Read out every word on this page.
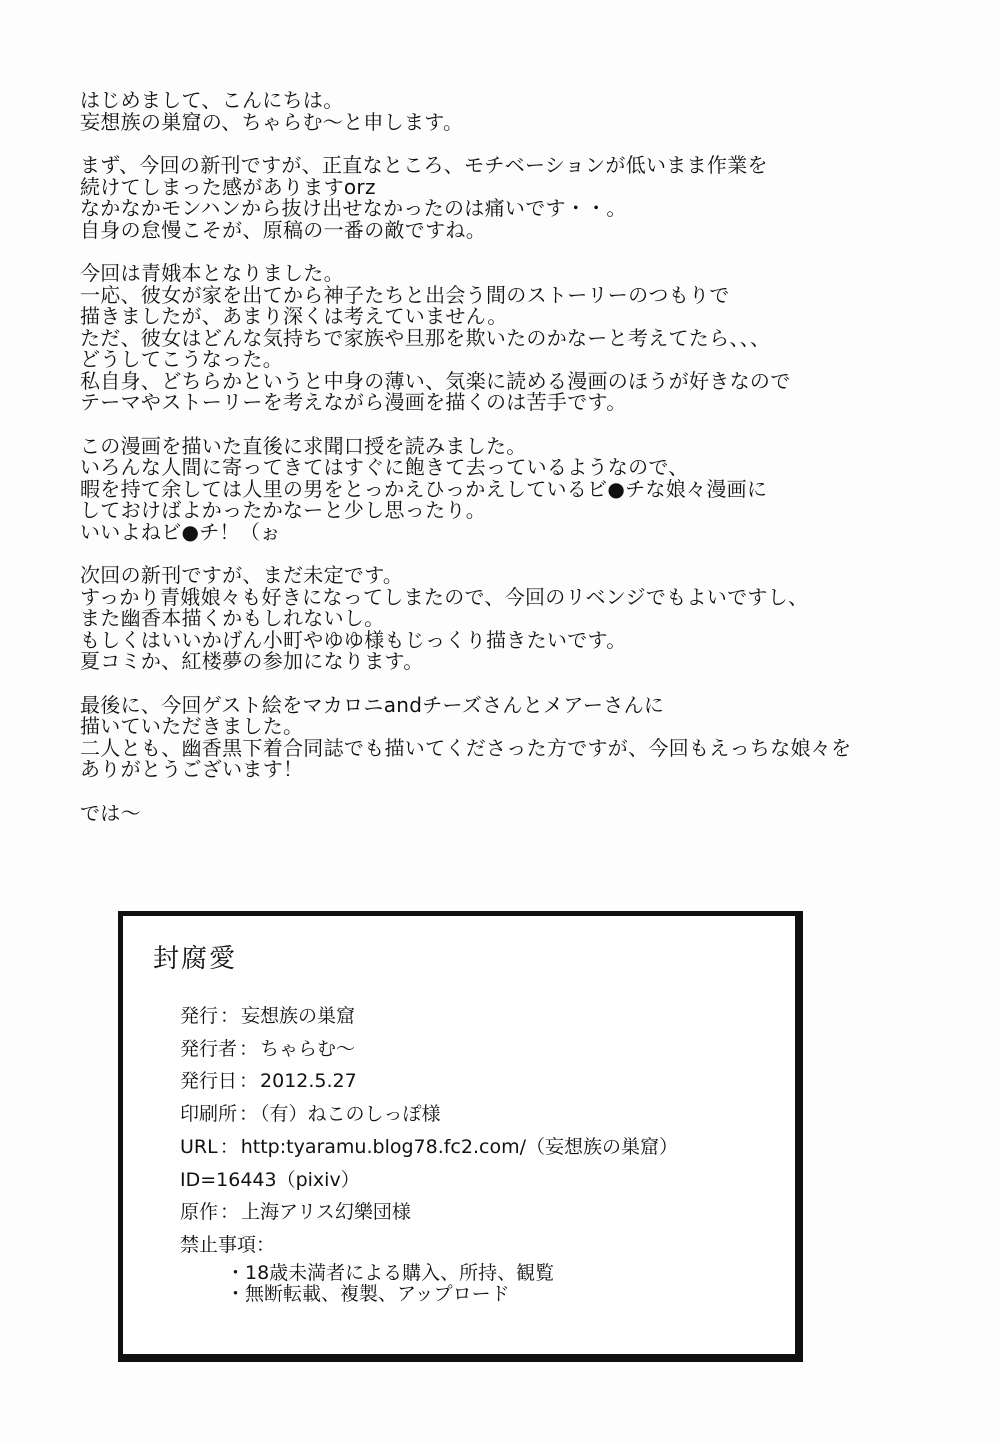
はじめまして、こんにちは。
妄想族の巣窟の、ちゃらむ～と申します。
まず、今回の新刊ですが、正直なところ、モチベーションが低いまま作業を
続けてしまった感がありますorz
なかなかモンハンから抜け出せなかったのは痛いです・・。
自身の怠慢こそが、原稿の一番の敵ですね。
今回は青娥本となりました。
一応、彼女が家を出てから神子たちと出会う間のストーリーのつもりで
描きましたが、あまり深くは考えていません。
ただ、彼女はどんな気持ちで家族や旦那を欺いたのかなーと考えてたら、、、
どうしてこうなった。
私自身、どちらかというと中身の薄い、気楽に読める漫画のほうが好きなので
テーマやストーリーを考えながら漫画を描くのは苦手です。
この漫画を描いた直後に求聞口授を読みました。
いろんな人間に寄ってきてはすぐに飽きて去っているようなので、
暇を持て余しては人里の男をとっかえひっかえしているビ●チな娘々漫画に
しておけばよかったかなーと少し思ったり。
いいよねビ●チ！（ぉ
次回の新刊ですが、まだ未定です。
すっかり青娥娘々も好きになってしまたので、今回のリベンジでもよいですし、
また幽香本描くかもしれないし。
もしくはいいかげん小町やゆゆ様もじっくり描きたいです。
夏コミか、紅楼夢の参加になります。
最後に、今回ゲスト絵をマカロニandチーズさんとメアーさんに
描いていただきました。
二人とも、幽香黒下着合同誌でも描いてくださった方ですが、今回もえっちな娘々を
ありがとうございます！
では～
封腐愛
発行 ： 妄想族の巣窟
発行者 ： ちゃらむ～
発行日 ： 2012.5.27
印刷所 ： （有）ねこのしっぽ様
URL ： http:tyaramu.blog78.fc2.com/（妄想族の巣窟）
ID=16443（pixiv）
原作 ： 上海アリス幻樂団様
禁止事項：
・18歳未満者による購入、所持、観覧
・無断転載、複製、アップロード
